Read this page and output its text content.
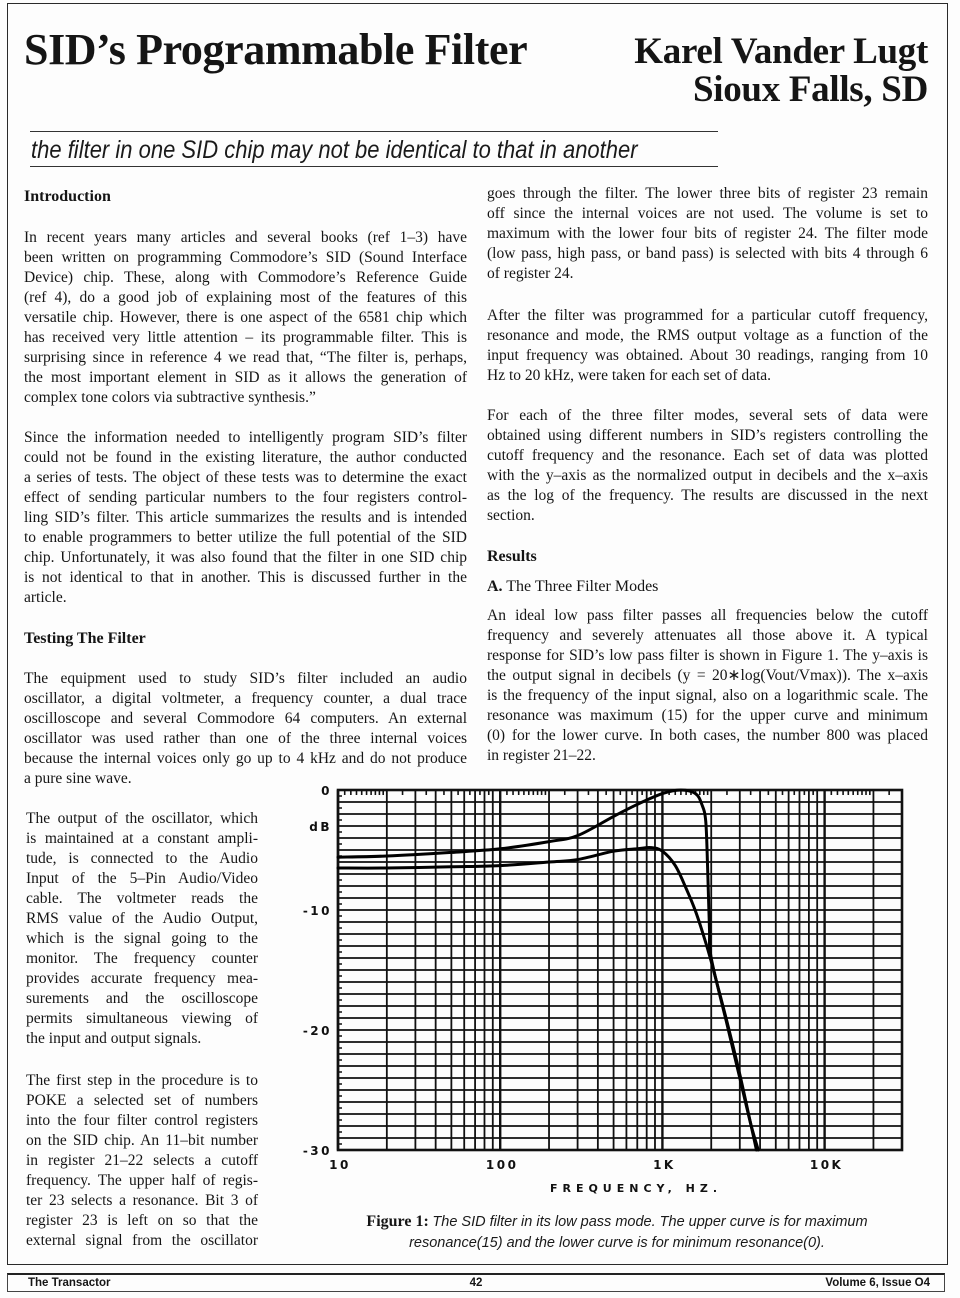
SID’s Programmable Filter	Karel Vander Lugt
Sioux Falls, SD
the filter in one SID chip may not be identical to that in another
Introduction
In recent years many articles and several books (ref 1–3) have
been written on programming Commodore’s SID (Sound Interface
Device) chip. These, along with Commodore’s Reference Guide
(ref 4), do a good job of explaining most of the features of this
versatile chip. However, there is one aspect of the 6581 chip which
has received very little attention – its programmable filter. This is
surprising since in reference 4 we read that, “The filter is, perhaps,
the most important element in SID as it allows the generation of
complex tone colors via subtractive synthesis.”
Since the information needed to intelligently program SID’s filter
could not be found in the existing literature, the author conducted
a series of tests. The object of these tests was to determine the exact
effect of sending particular numbers to the four registers control-
ling SID’s filter. This article summarizes the results and is intended
to enable programmers to better utilize the full potential of the SID
chip. Unfortunately, it was also found that the filter in one SID chip
is not identical to that in another. This is discussed further in the
article.
Testing The Filter
The equipment used to study SID’s filter included an audio
oscillator, a digital voltmeter, a frequency counter, a dual trace
oscilloscope and several Commodore 64 computers. An external
oscillator was used rather than one of the three internal voices
because the internal voices only go up to 4 kHz and do not produce
a pure sine wave.
The output of the oscillator, which
is maintained at a constant ampli-
tude, is connected to the Audio
Input of the 5–Pin Audio/Video
cable. The voltmeter reads the
RMS value of the Audio Output,
which is the signal going to the
monitor. The frequency counter
provides accurate frequency mea-
surements and the oscilloscope
permits simultaneous viewing of
the input and output signals.
The first step in the procedure is to
POKE a selected set of numbers
into the four filter control registers
on the SID chip. An 11–bit number
in register 21–22 selects a cutoff
frequency. The upper half of regis-
ter 23 selects a resonance. Bit 3 of
register 23 is left on so that the
external signal from the oscillator
goes through the filter. The lower three bits of register 23 remain
off since the internal voices are not used. The volume is set to
maximum with the lower four bits of register 24. The filter mode
(low pass, high pass, or band pass) is selected with bits 4 through 6
of register 24.
After the filter was programmed for a particular cutoff frequency,
resonance and mode, the RMS output voltage as a function of the
input frequency was obtained. About 30 readings, ranging from 10
Hz to 20 kHz, were taken for each set of data.
For each of the three filter modes, several sets of data were
obtained using different numbers in SID’s registers controlling the
cutoff frequency and the resonance. Each set of data was plotted
with the y–axis as the normalized output in decibels and the x–axis
as the log of the frequency. The results are discussed in the next
section.
Results
A. The Three Filter Modes
An ideal low pass filter passes all frequencies below the cutoff
frequency and severely attenuates all those above it. A typical
response for SID’s low pass filter is shown in Figure 1. The y–axis is
the output signal in decibels (y = 20∗log(Vout/Vmax)). The x–axis
is the frequency of the input signal, also on a logarithmic scale. The
resonance was maximum (15) for the upper curve and minimum
(0) for the lower curve. In both cases, the number 800 was placed
in register 21–22.
0
-10
-20
-30
dB
10	100	1K	10K
FREQUENCY, HZ.
Figure 1: The SID filter in its low pass mode. The upper curve is for maximum
resonance(15) and the lower curve is for minimum resonance(0).
The Transactor	42	Volume 6, Issue O4
